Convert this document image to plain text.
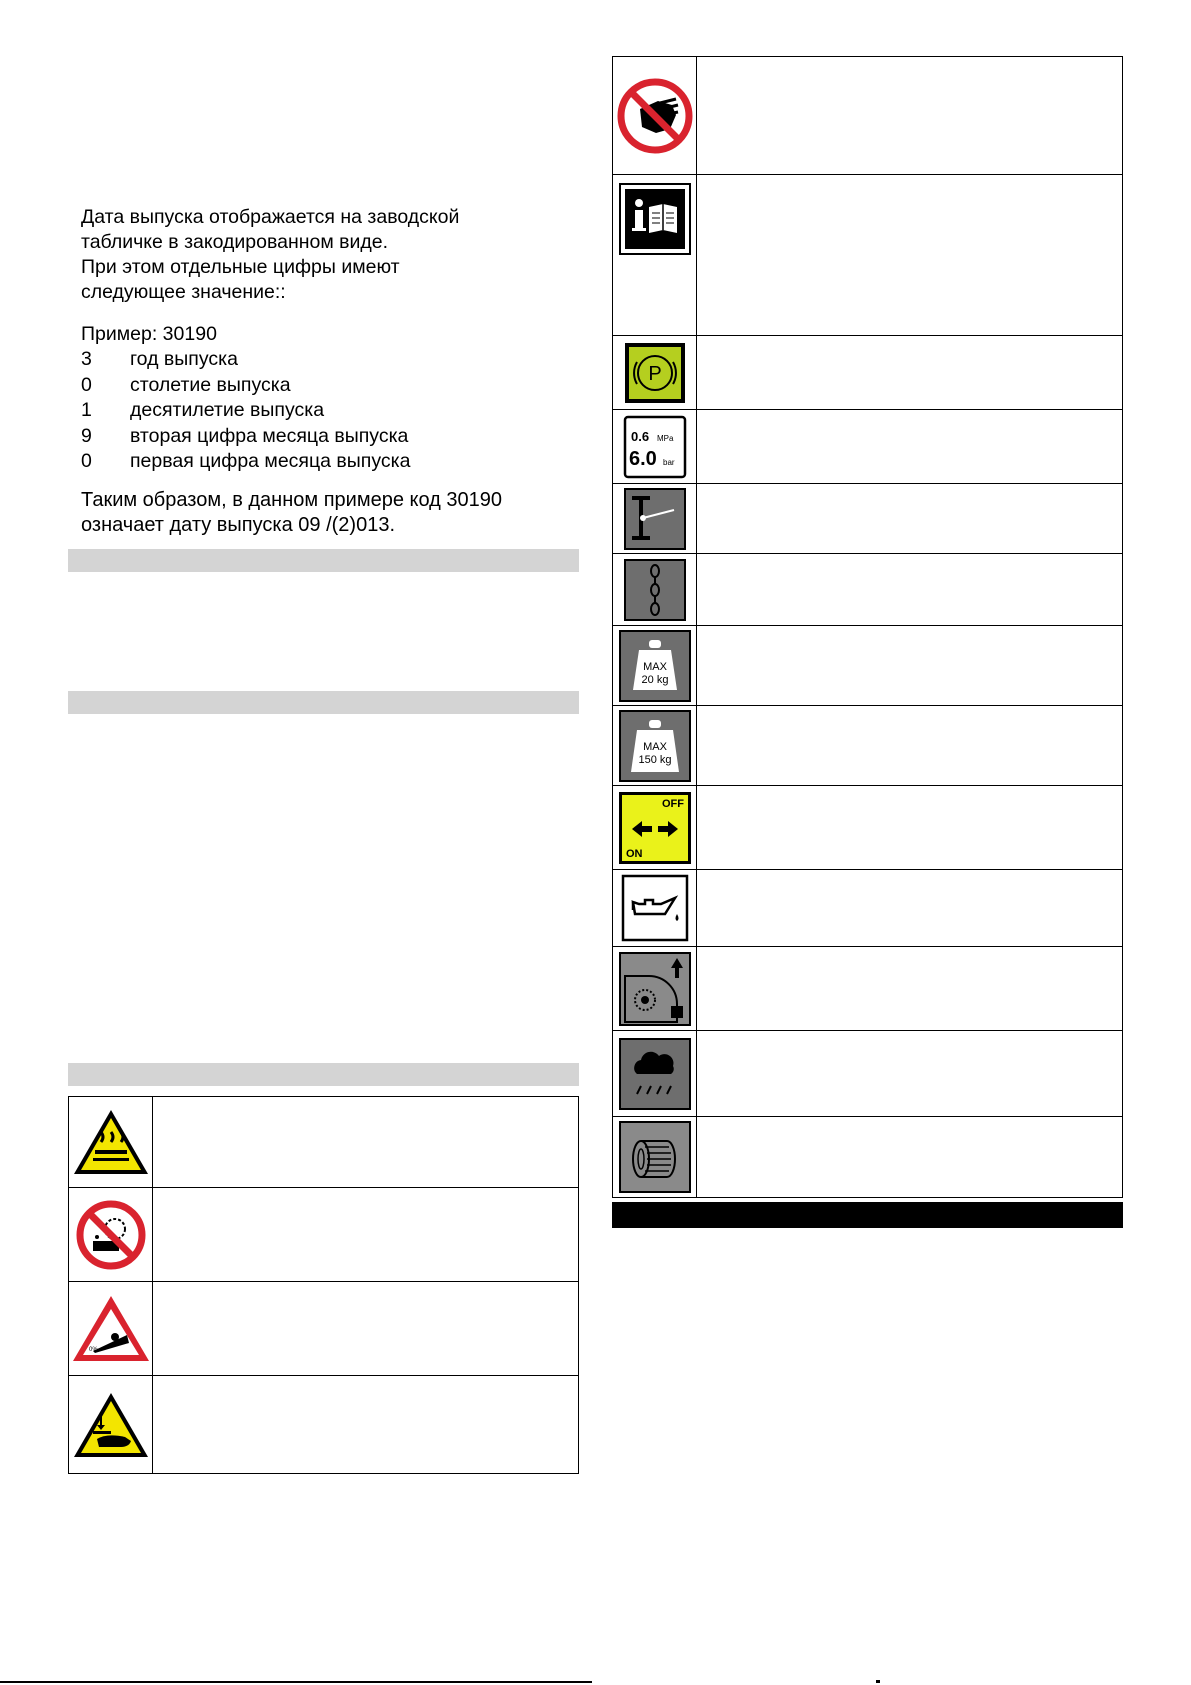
Дата выпуска отображается на заводской

табличке в закодированном виде.

При этом отдельные цифры имеют

следующее значение::

Пример: 30190

3	год выпуска
0	столетие выпуска
1	десятилетие выпуска
9	вторая цифра месяца выпуска
0	первая цифра месяца выпуска

Таким образом, в данном примере код 30190

означает дату выпуска 09 /(2)013.

0%	

P	

0.6 MPa
6.0 bar	

MAX
20 kg	

MAX
150 kg	

OFF
ON	
